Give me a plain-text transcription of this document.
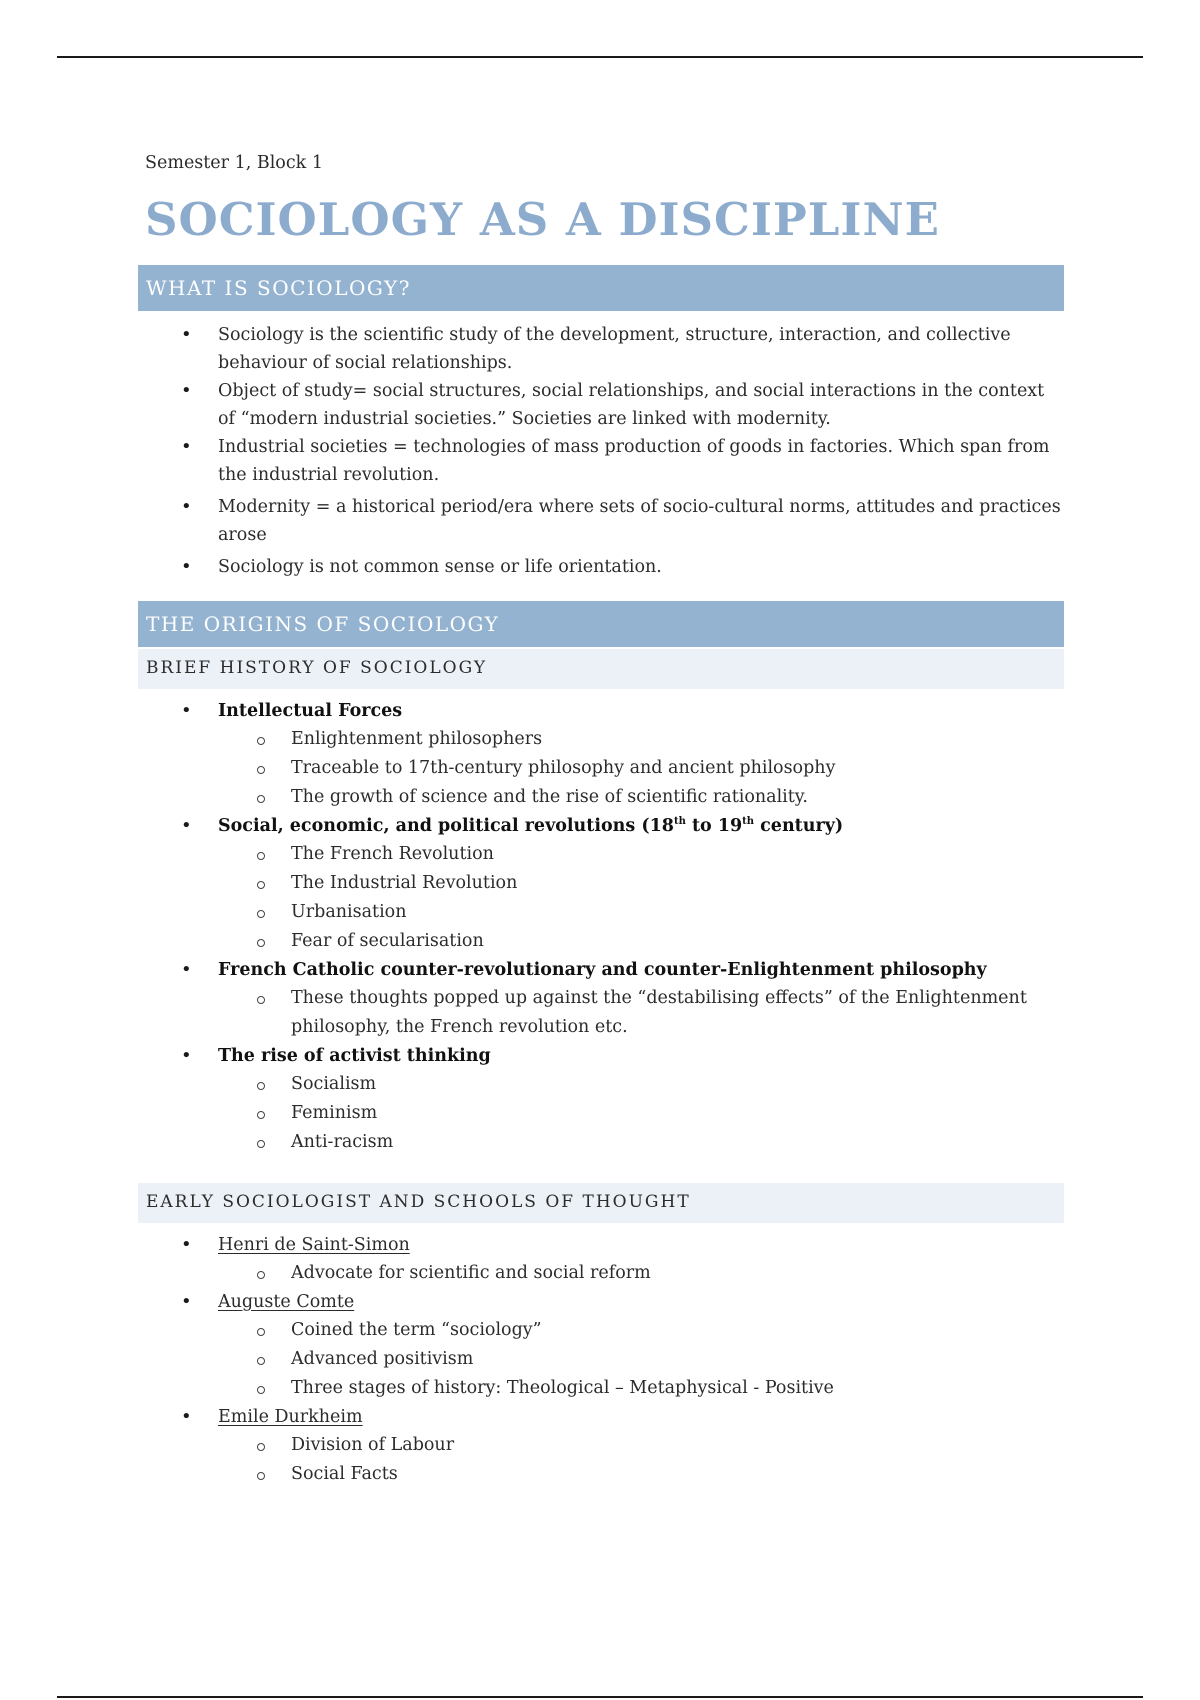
Semester 1, Block 1
SOCIOLOGY AS A DISCIPLINE
WHAT IS SOCIOLOGY?
• Sociology is the scientific study of the development, structure, interaction, and collective behaviour of social relationships.
• Object of study= social structures, social relationships, and social interactions in the context of “modern industrial societies.” Societies are linked with modernity.
• Industrial societies = technologies of mass production of goods in factories. Which span from the industrial revolution.
• Modernity = a historical period/era where sets of socio-cultural norms, attitudes and practices arose
• Sociology is not common sense or life orientation.
THE ORIGINS OF SOCIOLOGY
BRIEF HISTORY OF SOCIOLOGY
• Intellectual Forces
Enlightenment philosophers
Traceable to 17th-century philosophy and ancient philosophy
The growth of science and the rise of scientific rationality.
• Social, economic, and political revolutions (18th to 19th century)
The French Revolution
The Industrial Revolution
Urbanisation
Fear of secularisation
• French Catholic counter-revolutionary and counter-Enlightenment philosophy
These thoughts popped up against the “destabilising effects” of the Enlightenment philosophy, the French revolution etc.
• The rise of activist thinking
Socialism
Feminism
Anti-racism
EARLY SOCIOLOGIST AND SCHOOLS OF THOUGHT
• Henri de Saint-Simon
Advocate for scientific and social reform
• Auguste Comte
Coined the term “sociology”
Advanced positivism
Three stages of history: Theological – Metaphysical - Positive
• Emile Durkheim
Division of Labour
Social Facts
